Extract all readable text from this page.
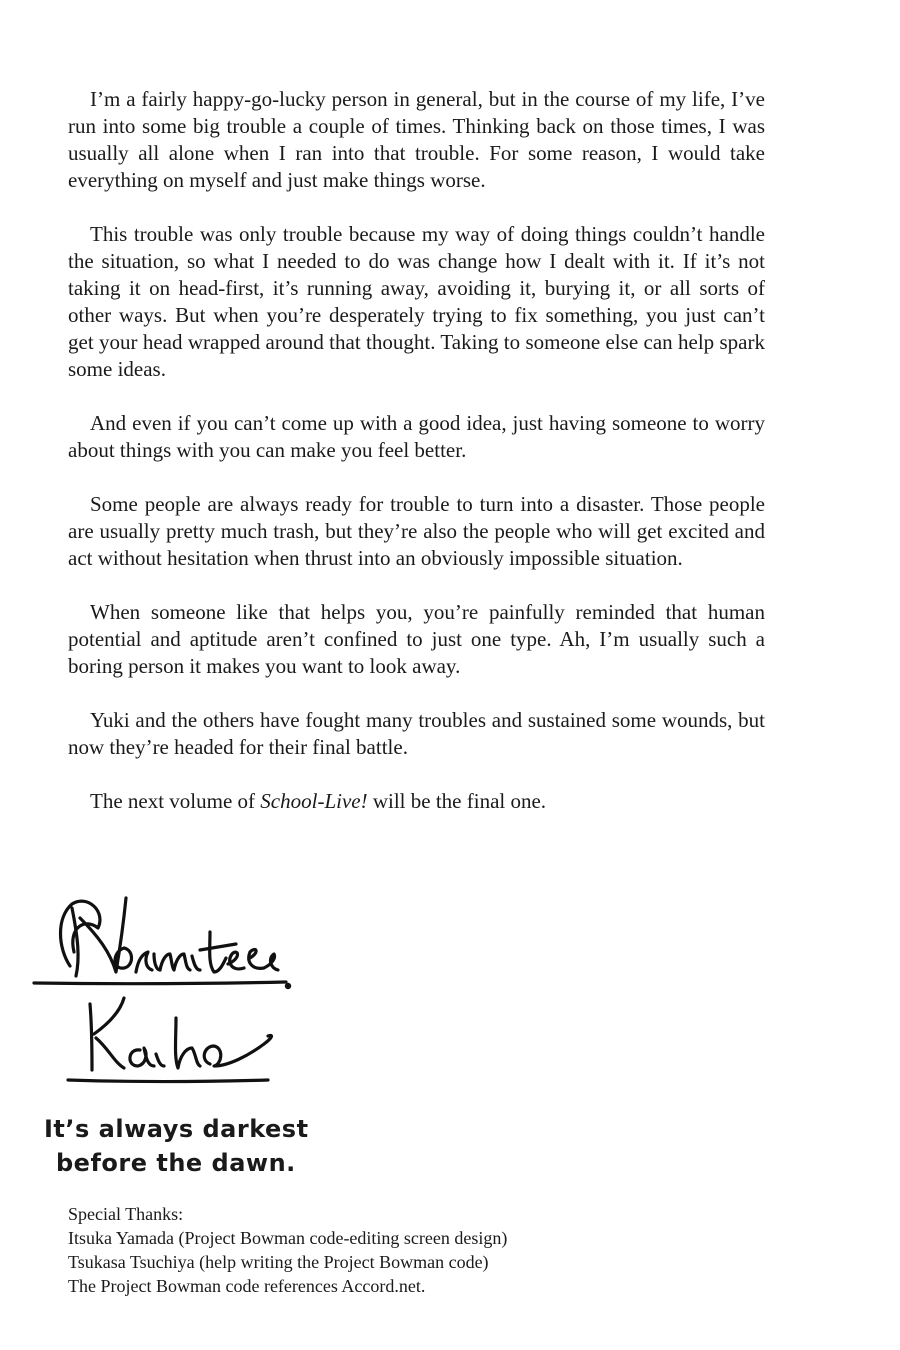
I’m a fairly happy-go-lucky person in general, but in the course of my life, I’ve run into some big trouble a couple of times. Thinking back on those times, I was usually all alone when I ran into that trouble. For some reason, I would take everything on myself and just make things worse.

This trouble was only trouble because my way of doing things couldn’t handle the situation, so what I needed to do was change how I dealt with it. If it’s not taking it on head-first, it’s running away, avoiding it, burying it, or all sorts of other ways. But when you’re desperately trying to fix something, you just can’t get your head wrapped around that thought. Taking to someone else can help spark some ideas.

And even if you can’t come up with a good idea, just having someone to worry about things with you can make you feel better.

Some people are always ready for trouble to turn into a disaster. Those people are usually pretty much trash, but they’re also the people who will get excited and act without hesitation when thrust into an obviously impossible situation.

When someone like that helps you, you’re painfully reminded that human potential and aptitude aren’t confined to just one type. Ah, I’m usually such a boring person it makes you want to look away.

Yuki and the others have fought many troubles and sustained some wounds, but now they’re headed for their final battle.

The next volume of School-Live! will be the final one.

It’s always darkest
before the dawn.
Special Thanks:
Itsuka Yamada (Project Bowman code-editing screen design)
Tsukasa Tsuchiya (help writing the Project Bowman code)
The Project Bowman code references Accord.net.
